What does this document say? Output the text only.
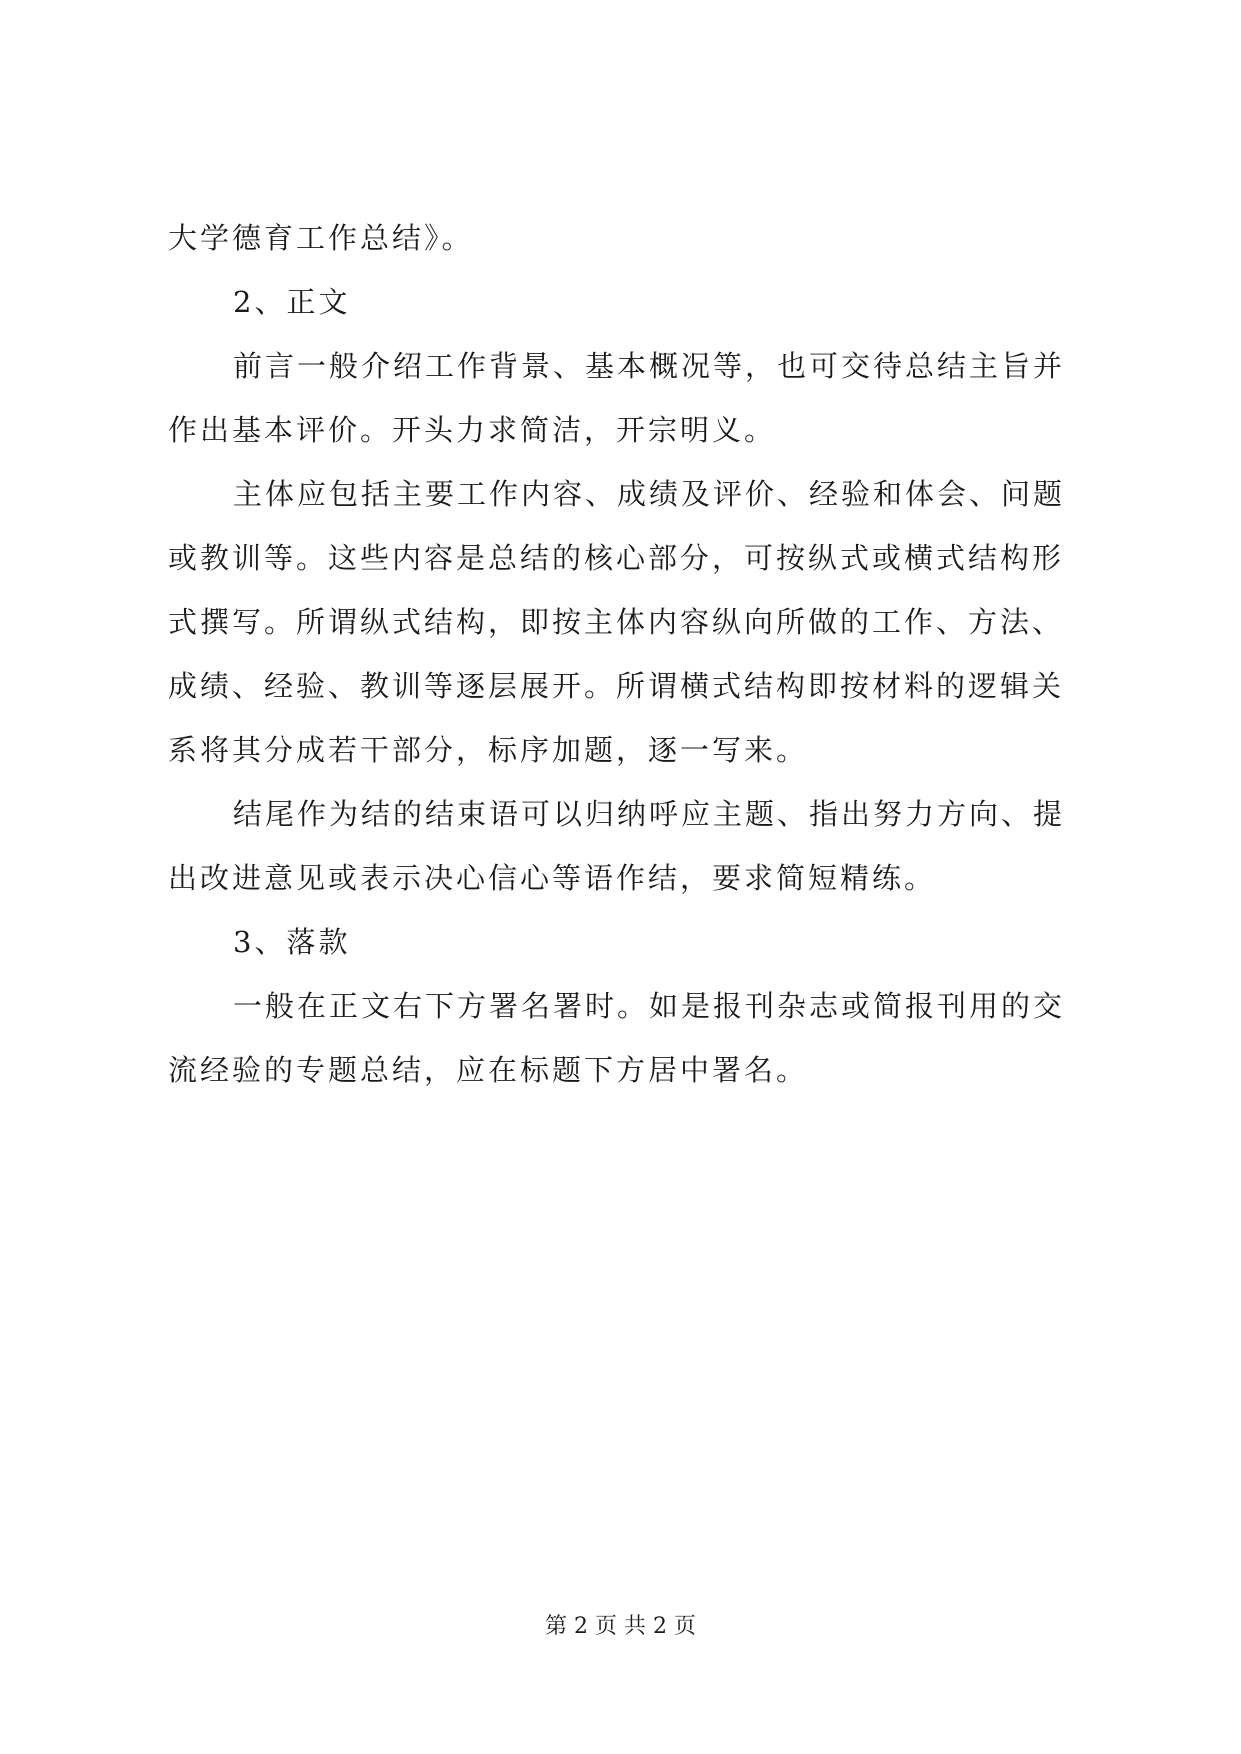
大学德育工作总结》。
2、正文
前言一般介绍工作背景、基本概况等，也可交待总结主旨并
作出基本评价。开头力求简洁，开宗明义。
主体应包括主要工作内容、成绩及评价、经验和体会、问题
或教训等。这些内容是总结的核心部分，可按纵式或横式结构形
式撰写。所谓纵式结构，即按主体内容纵向所做的工作、方法、
成绩、经验、教训等逐层展开。所谓横式结构即按材料的逻辑关
系将其分成若干部分，标序加题，逐一写来。
结尾作为结的结束语可以归纳呼应主题、指出努力方向、提
出改进意见或表示决心信心等语作结，要求简短精练。
3、落款
一般在正文右下方署名署时。如是报刊杂志或简报刊用的交
流经验的专题总结，应在标题下方居中署名。
第 2 页 共 2 页
